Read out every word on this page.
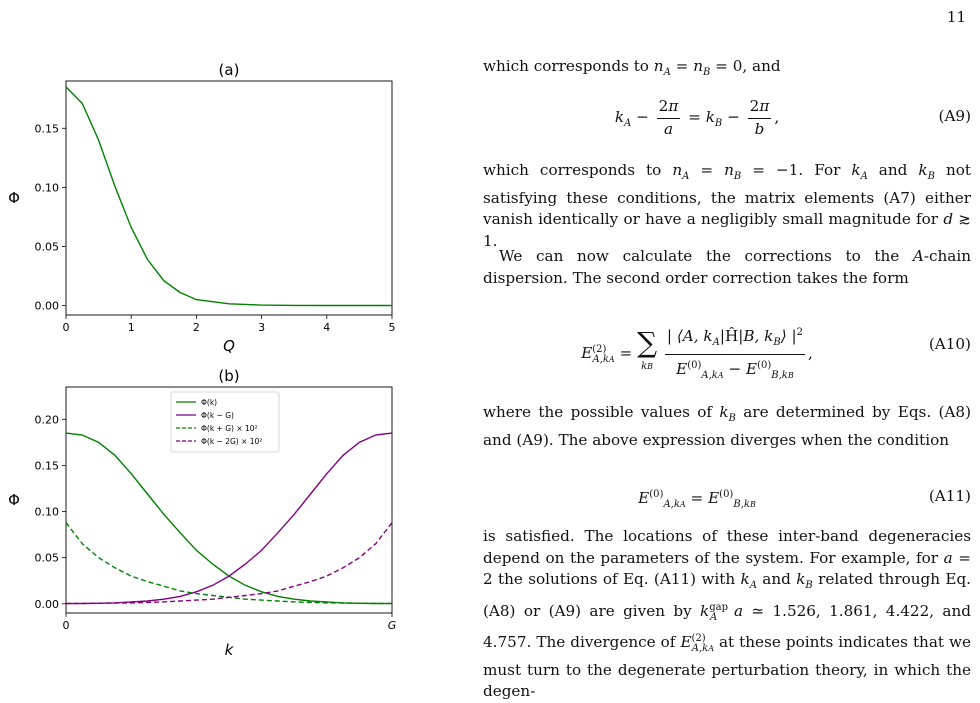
11
(a)
0	1	2	3	4	5
0.00
0.05
0.10
0.15
Q
Φ
(b)
0	G
0.00
0.05
0.10
0.15
0.20
k
Φ
Φ(k)
Φ(k − G)
Φ(k + G) × 10²
Φ(k − 2G) × 10²
which corresponds to $n_A = n_B = 0$, and
$k_A - \frac{2\pi}{a} = k_B - \frac{2\pi}{b}$ ,	(A9)
which corresponds to $n_A = n_B = -1$. For $k_A$ and $k_B$ not satisfying these conditions, the matrix elements (A7) either vanish identically or have a negligibly small magnitude for d ≳ 1.
We can now calculate the corrections to the A-chain dispersion. The second order correction takes the form
$E^{(2)}_{A,kA}$ = ∑
kB
$\frac{| ⟨A, k_A|Ĥ|B, k_B⟩ |^2}{E^{(0)}_{A,kA} - E^{(0)}_{B,kB}}$ ,
(A10)
where the possible values of $k_B$ are determined by Eqs. (A8) and (A9). The above expression diverges when the condition
$E^{(0)}_{A,kA} = E^{(0)}_{B,kB}$	(A11)
is satisfied. The locations of these inter-band degeneracies depend on the parameters of the system. For example, for a = 2 the solutions of Eq. (A11) with $k_A$ and $k_B$ related through Eq. (A8) or (A9) are given by $k^{gap}_A$ a ≃ 1.526, 1.861, 4.422, and 4.757. The divergence of $E^{(2)}_{A,kA}$ at these points indicates that we must turn to the degenerate perturbation theory, in which the degen-
